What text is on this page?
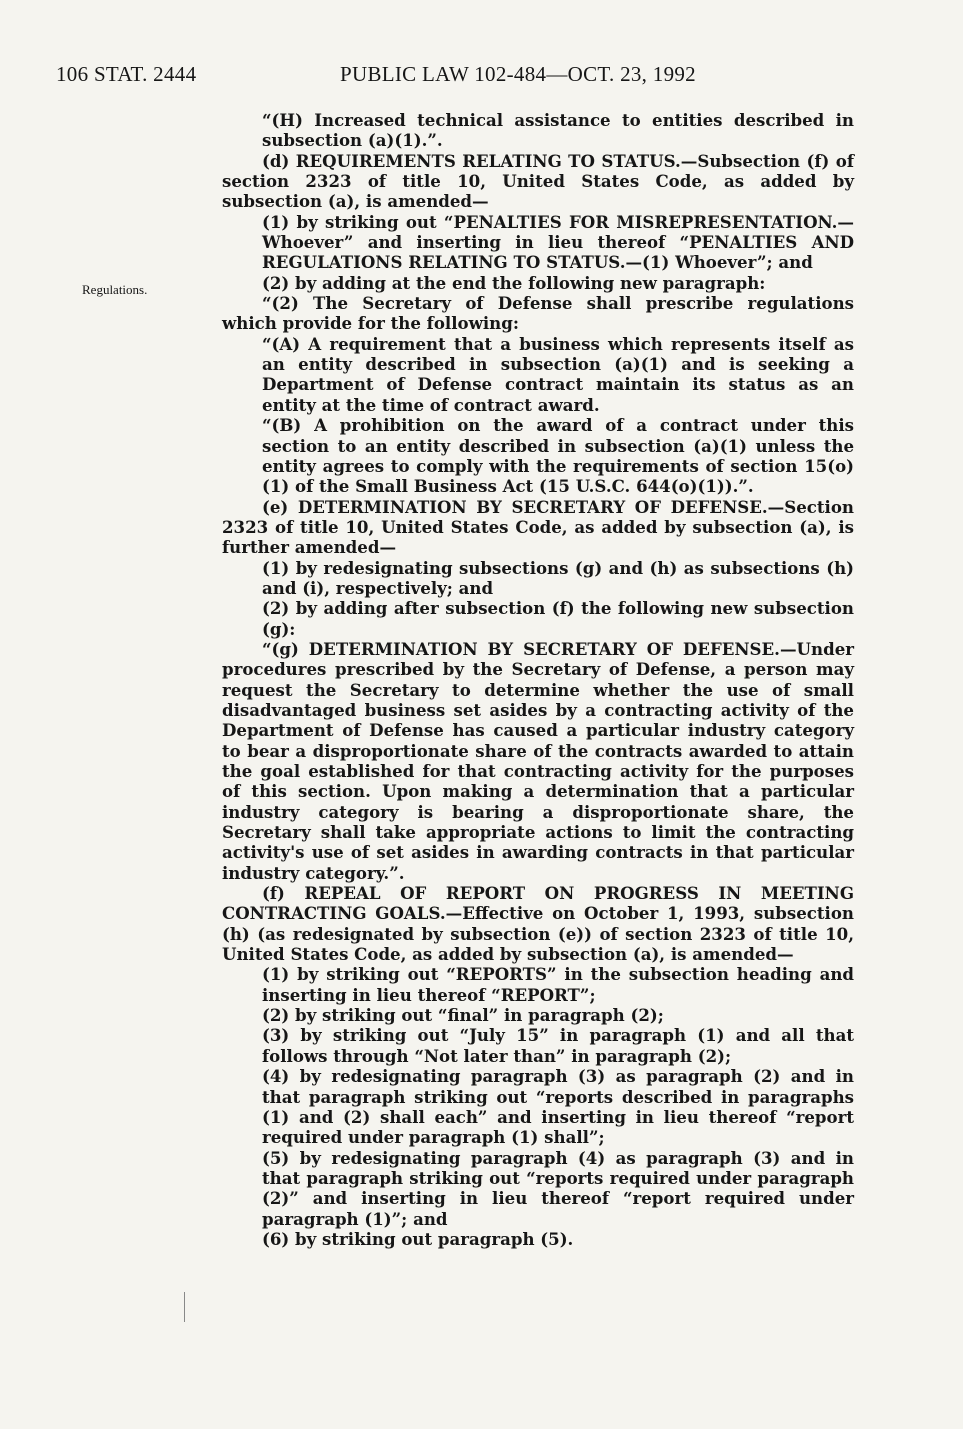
106 STAT. 2444	PUBLIC LAW 102-484—OCT. 23, 1992
Regulations.

“(H) Increased technical assistance to entities described in subsection (a)(1).”.

(d) REQUIREMENTS RELATING TO STATUS.—Subsection (f) of section 2323 of title 10, United States Code, as added by subsection (a), is amended—

(1) by striking out “PENALTIES FOR MISREPRESENTATION.—Whoever” and inserting in lieu thereof “PENALTIES AND REGULATIONS RELATING TO STATUS.—(1) Whoever”; and

(2) by adding at the end the following new paragraph:

“(2) The Secretary of Defense shall prescribe regulations which provide for the following:

“(A) A requirement that a business which represents itself as an entity described in subsection (a)(1) and is seeking a Department of Defense contract maintain its status as an entity at the time of contract award.

“(B) A prohibition on the award of a contract under this section to an entity described in subsection (a)(1) unless the entity agrees to comply with the requirements of section 15(o)(1) of the Small Business Act (15 U.S.C. 644(o)(1)).”.

(e) DETERMINATION BY SECRETARY OF DEFENSE.—Section 2323 of title 10, United States Code, as added by subsection (a), is further amended—

(1) by redesignating subsections (g) and (h) as subsections (h) and (i), respectively; and

(2) by adding after subsection (f) the following new subsection (g):

“(g) DETERMINATION BY SECRETARY OF DEFENSE.—Under procedures prescribed by the Secretary of Defense, a person may request the Secretary to determine whether the use of small disadvantaged business set asides by a contracting activity of the Department of Defense has caused a particular industry category to bear a disproportionate share of the contracts awarded to attain the goal established for that contracting activity for the purposes of this section. Upon making a determination that a particular industry category is bearing a disproportionate share, the Secretary shall take appropriate actions to limit the contracting activity's use of set asides in awarding contracts in that particular industry category.”.

(f) REPEAL OF REPORT ON PROGRESS IN MEETING CONTRACTING GOALS.—Effective on October 1, 1993, subsection (h) (as redesignated by subsection (e)) of section 2323 of title 10, United States Code, as added by subsection (a), is amended—

(1) by striking out “REPORTS” in the subsection heading and inserting in lieu thereof “REPORT”;

(2) by striking out “final” in paragraph (2);

(3) by striking out “July 15” in paragraph (1) and all that follows through “Not later than” in paragraph (2);

(4) by redesignating paragraph (3) as paragraph (2) and in that paragraph striking out “reports described in paragraphs (1) and (2) shall each” and inserting in lieu thereof “report required under paragraph (1) shall”;

(5) by redesignating paragraph (4) as paragraph (3) and in that paragraph striking out “reports required under paragraph (2)” and inserting in lieu thereof “report required under paragraph (1)”; and

(6) by striking out paragraph (5).
